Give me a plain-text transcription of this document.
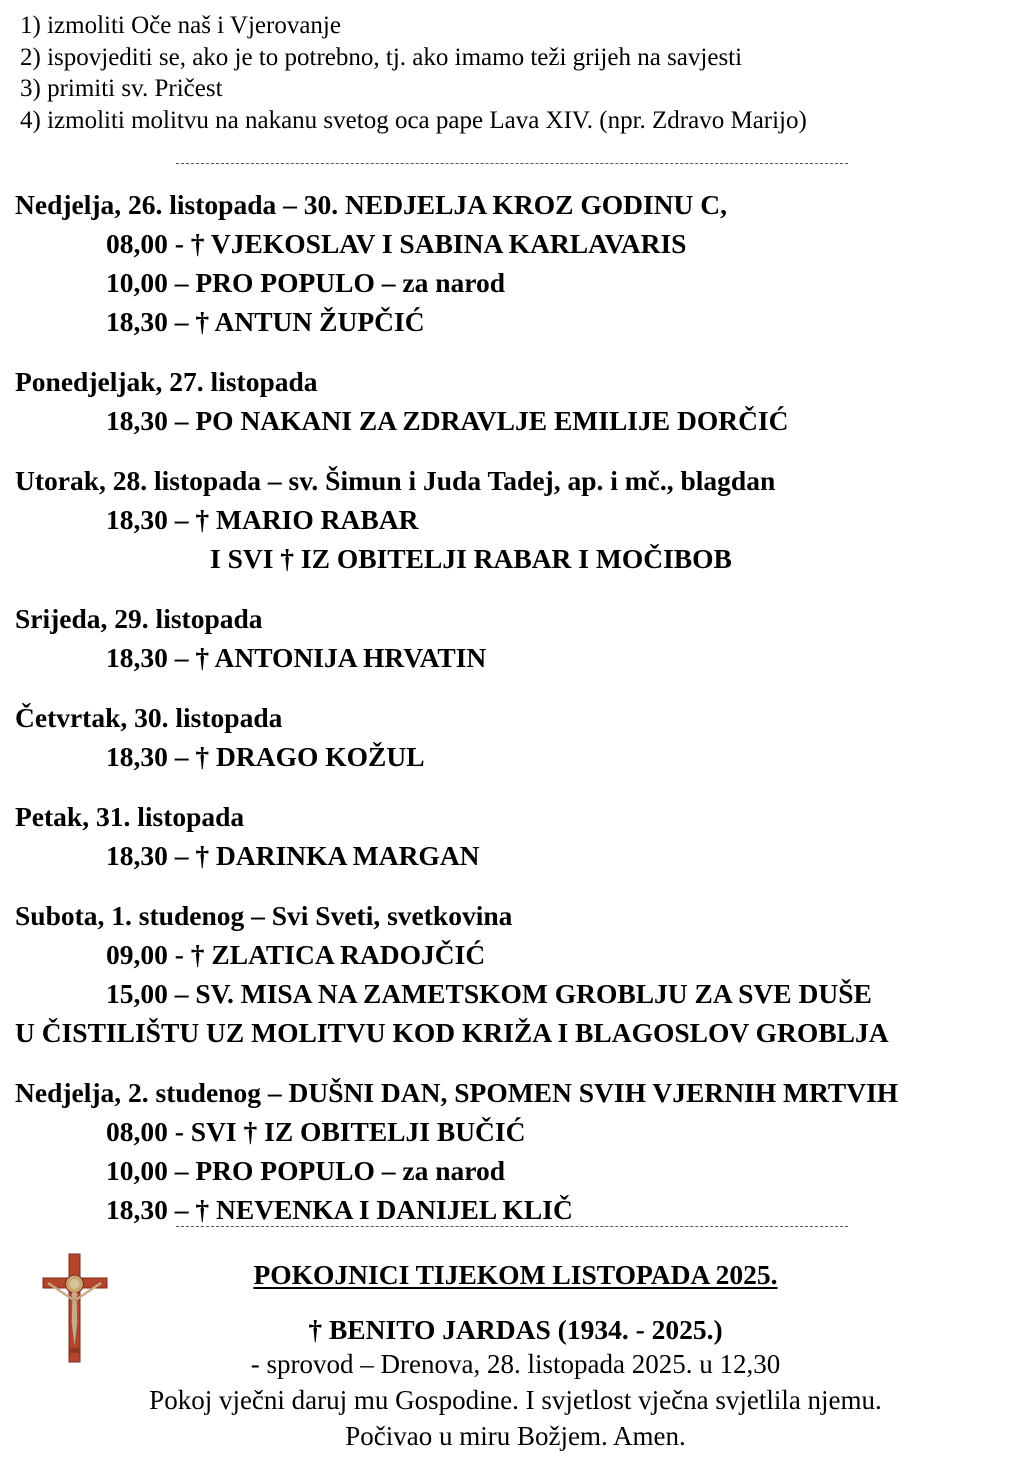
1) izmoliti Oče naš i Vjerovanje
2) ispovjediti se, ako je to potrebno, tj. ako imamo teži grijeh na savjesti
3) primiti sv. Pričest
4) izmoliti molitvu na nakanu svetog oca pape Lava XIV. (npr. Zdravo Marijo)
Nedjelja, 26. listopada – 30. NEDJELJA KROZ GODINU C,
08,00 - † VJEKOSLAV I SABINA KARLAVARIS
10,00 – PRO POPULO – za narod
18,30 – † ANTUN ŽUPČIĆ
Ponedjeljak, 27. listopada
18,30 – PO NAKANI ZA ZDRAVLJE EMILIJE DORČIĆ
Utorak, 28. listopada – sv. Šimun i Juda Tadej, ap. i mč., blagdan
18,30 – † MARIO RABAR
I SVI † IZ OBITELJI RABAR I MOČIBOB
Srijeda, 29. listopada
18,30 – † ANTONIJA HRVATIN
Četvrtak, 30. listopada
18,30 – † DRAGO KOŽUL
Petak, 31. listopada
18,30 – † DARINKA MARGAN
Subota, 1. studenog – Svi Sveti, svetkovina
09,00 - † ZLATICA RADOJČIĆ
15,00 – SV. MISA NA ZAMETSKOM GROBLJU ZA SVE DUŠE
U ČISTILIŠTU UZ MOLITVU KOD KRIŽA I BLAGOSLOV GROBLJA
Nedjelja, 2. studenog – DUŠNI DAN, SPOMEN SVIH VJERNIH MRTVIH
08,00 - SVI † IZ OBITELJI BUČIĆ
10,00 – PRO POPULO – za narod
18,30 – † NEVENKA I DANIJEL KLIČ
POKOJNICI TIJEKOM LISTOPADA 2025.
† BENITO JARDAS (1934. - 2025.)
- sprovod – Drenova, 28. listopada 2025. u 12,30
Pokoj vječni daruj mu Gospodine. I svjetlost vječna svjetlila njemu.
Počivao u miru Božjem. Amen.
